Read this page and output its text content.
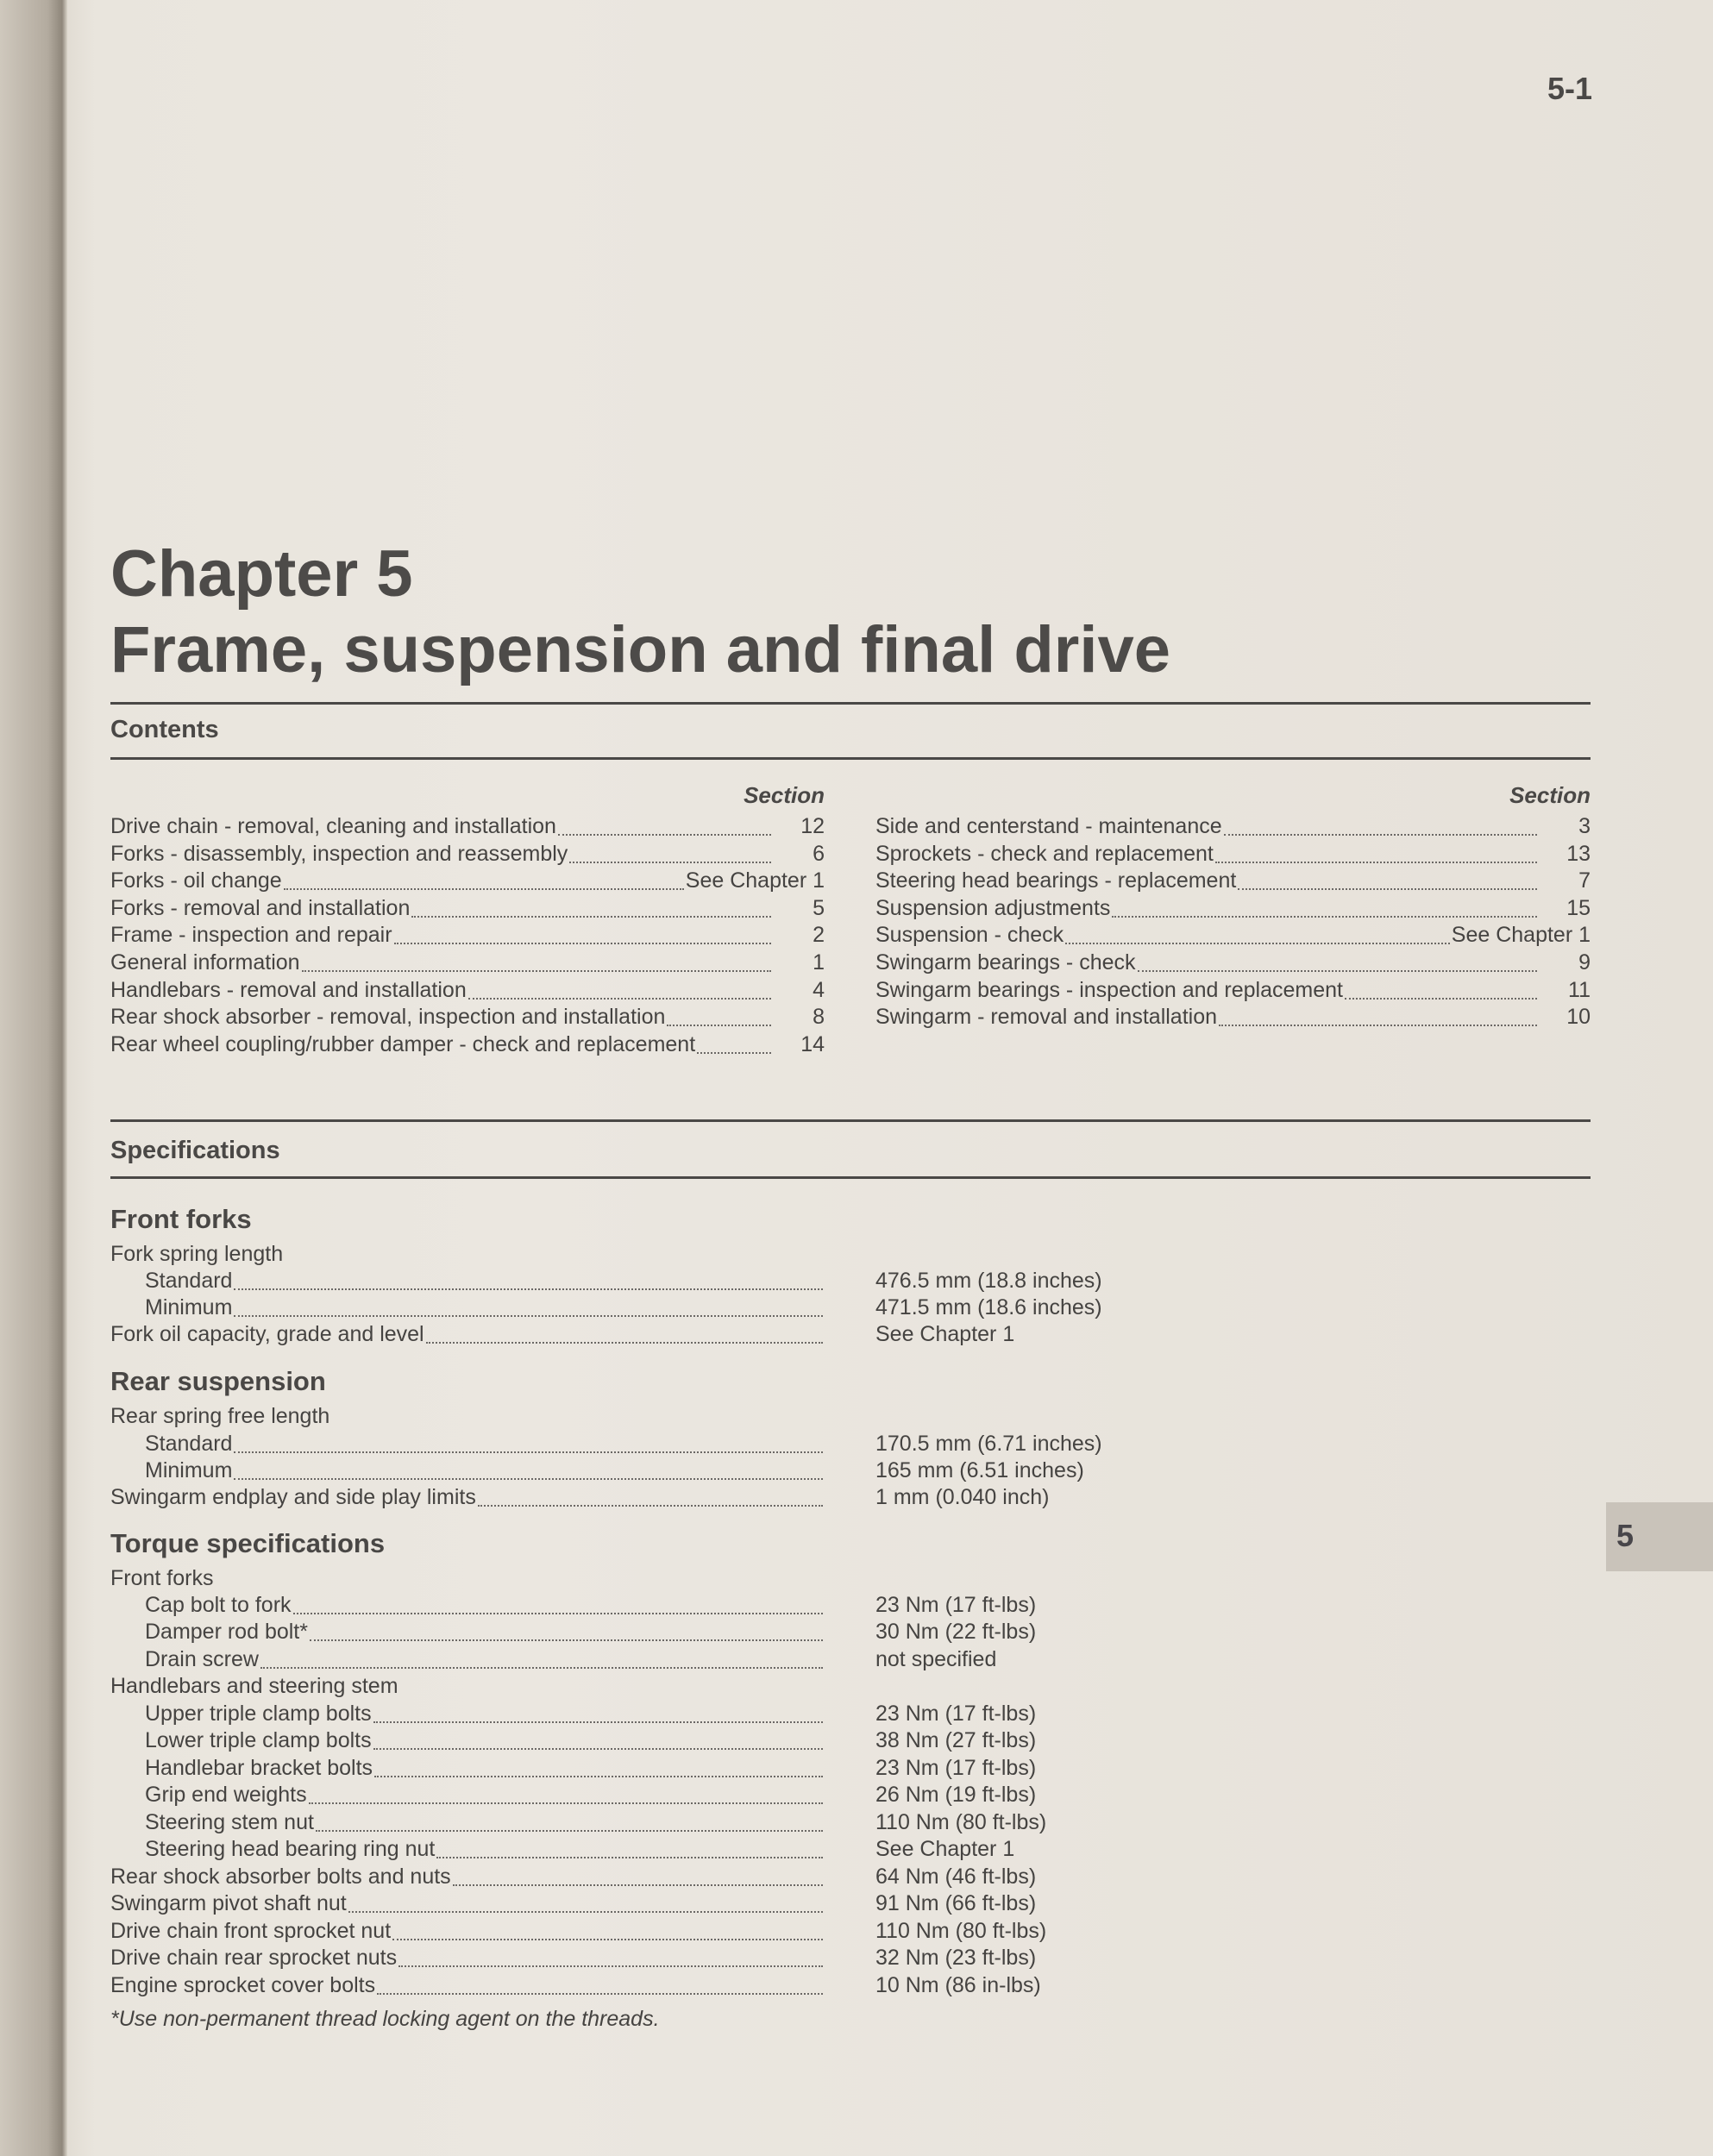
5-1
Chapter 5
Frame, suspension and final drive
Contents
Section	Section
Drive chain - removal, cleaning and installation	12
Forks - disassembly, inspection and reassembly	6
Forks - oil change	See Chapter 1
Forks - removal and installation	5
Frame - inspection and repair	2
General information	1
Handlebars - removal and installation	4
Rear shock absorber - removal, inspection and installation	8
Rear wheel coupling/rubber damper - check and replacement	14
Side and centerstand - maintenance	3
Sprockets - check and replacement	13
Steering head bearings - replacement	7
Suspension adjustments	15
Suspension - check	See Chapter 1
Swingarm bearings - check	9
Swingarm bearings - inspection and replacement	11
Swingarm - removal and installation	10
Specifications
Front forks
Fork spring length
Standard	476.5 mm (18.8 inches)
Minimum	471.5 mm (18.6 inches)
Fork oil capacity, grade and level	See Chapter 1
Rear suspension
Rear spring free length
Standard	170.5 mm (6.71 inches)
Minimum	165 mm (6.51 inches)
Swingarm endplay and side play limits	1 mm (0.040 inch)
Torque specifications
Front forks
Cap bolt to fork	23 Nm (17 ft-lbs)
Damper rod bolt*	30 Nm (22 ft-lbs)
Drain screw	not specified
Handlebars and steering stem
Upper triple clamp bolts	23 Nm (17 ft-lbs)
Lower triple clamp bolts	38 Nm (27 ft-lbs)
Handlebar bracket bolts	23 Nm (17 ft-lbs)
Grip end weights	26 Nm (19 ft-lbs)
Steering stem nut	110 Nm (80 ft-lbs)
Steering head bearing ring nut	See Chapter 1
Rear shock absorber bolts and nuts	64 Nm (46 ft-lbs)
Swingarm pivot shaft nut	91 Nm (66 ft-lbs)
Drive chain front sprocket nut	110 Nm (80 ft-lbs)
Drive chain rear sprocket nuts	32 Nm (23 ft-lbs)
Engine sprocket cover bolts	10 Nm (86 in-lbs)
*Use non-permanent thread locking agent on the threads.
5
